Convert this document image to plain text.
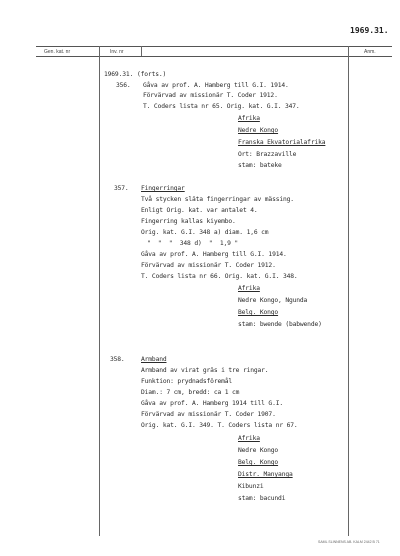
1969.31.
Gen. kat. nr	Inv. nr	Anm.
1969.31. (forts.)
356. Gåva av prof. A. Hamberg till G.I. 1914.
Förvärvad av missionär T. Coder 1912.
T. Coders lista nr 65. Orig. kat. G.I. 347.
Afrika
Nedre Kongo
Franska Ekvatorialafrika
Ort: Brazzaville
stam: bateke
357. Fingerringar
Två stycken släta fingerringar av mässing.
Enligt Orig. kat. var antalet 4.
Fingerring kallas kiyembo.
Orig. kat. G.I. 348 a) diam. 1,6 cm
"  "  "  348 d)  "  1,9 "
Gåva av prof. A. Hamberg till G.I. 1914.
Förvärvad av missionär T. Coder 1912.
T. Coders lista nr 66. Orig. kat. G.I. 348.
Afrika
Nedre Kongo, Ngunda
Belg. Kongo
stam: bwende (babwende)
358.	Armband
Armband av virat gräs i tre ringar.
Funktion: prydnadsföremål
Diam.: 7 cm, bredd: ca 1 cm
Gåva av prof. A. Hamberg 1914 till G.I.
Förvärvad av missionär T. Coder 1907.
Orig. kat. G.I. 349. T. Coders lista nr 67.
Afrika
Nedre Kongo
Belg. Kongo
Distr. Manyanga
Kibunzi
stam: bacundi
SAML SLINNENS AB. KALM 2442 B 71
